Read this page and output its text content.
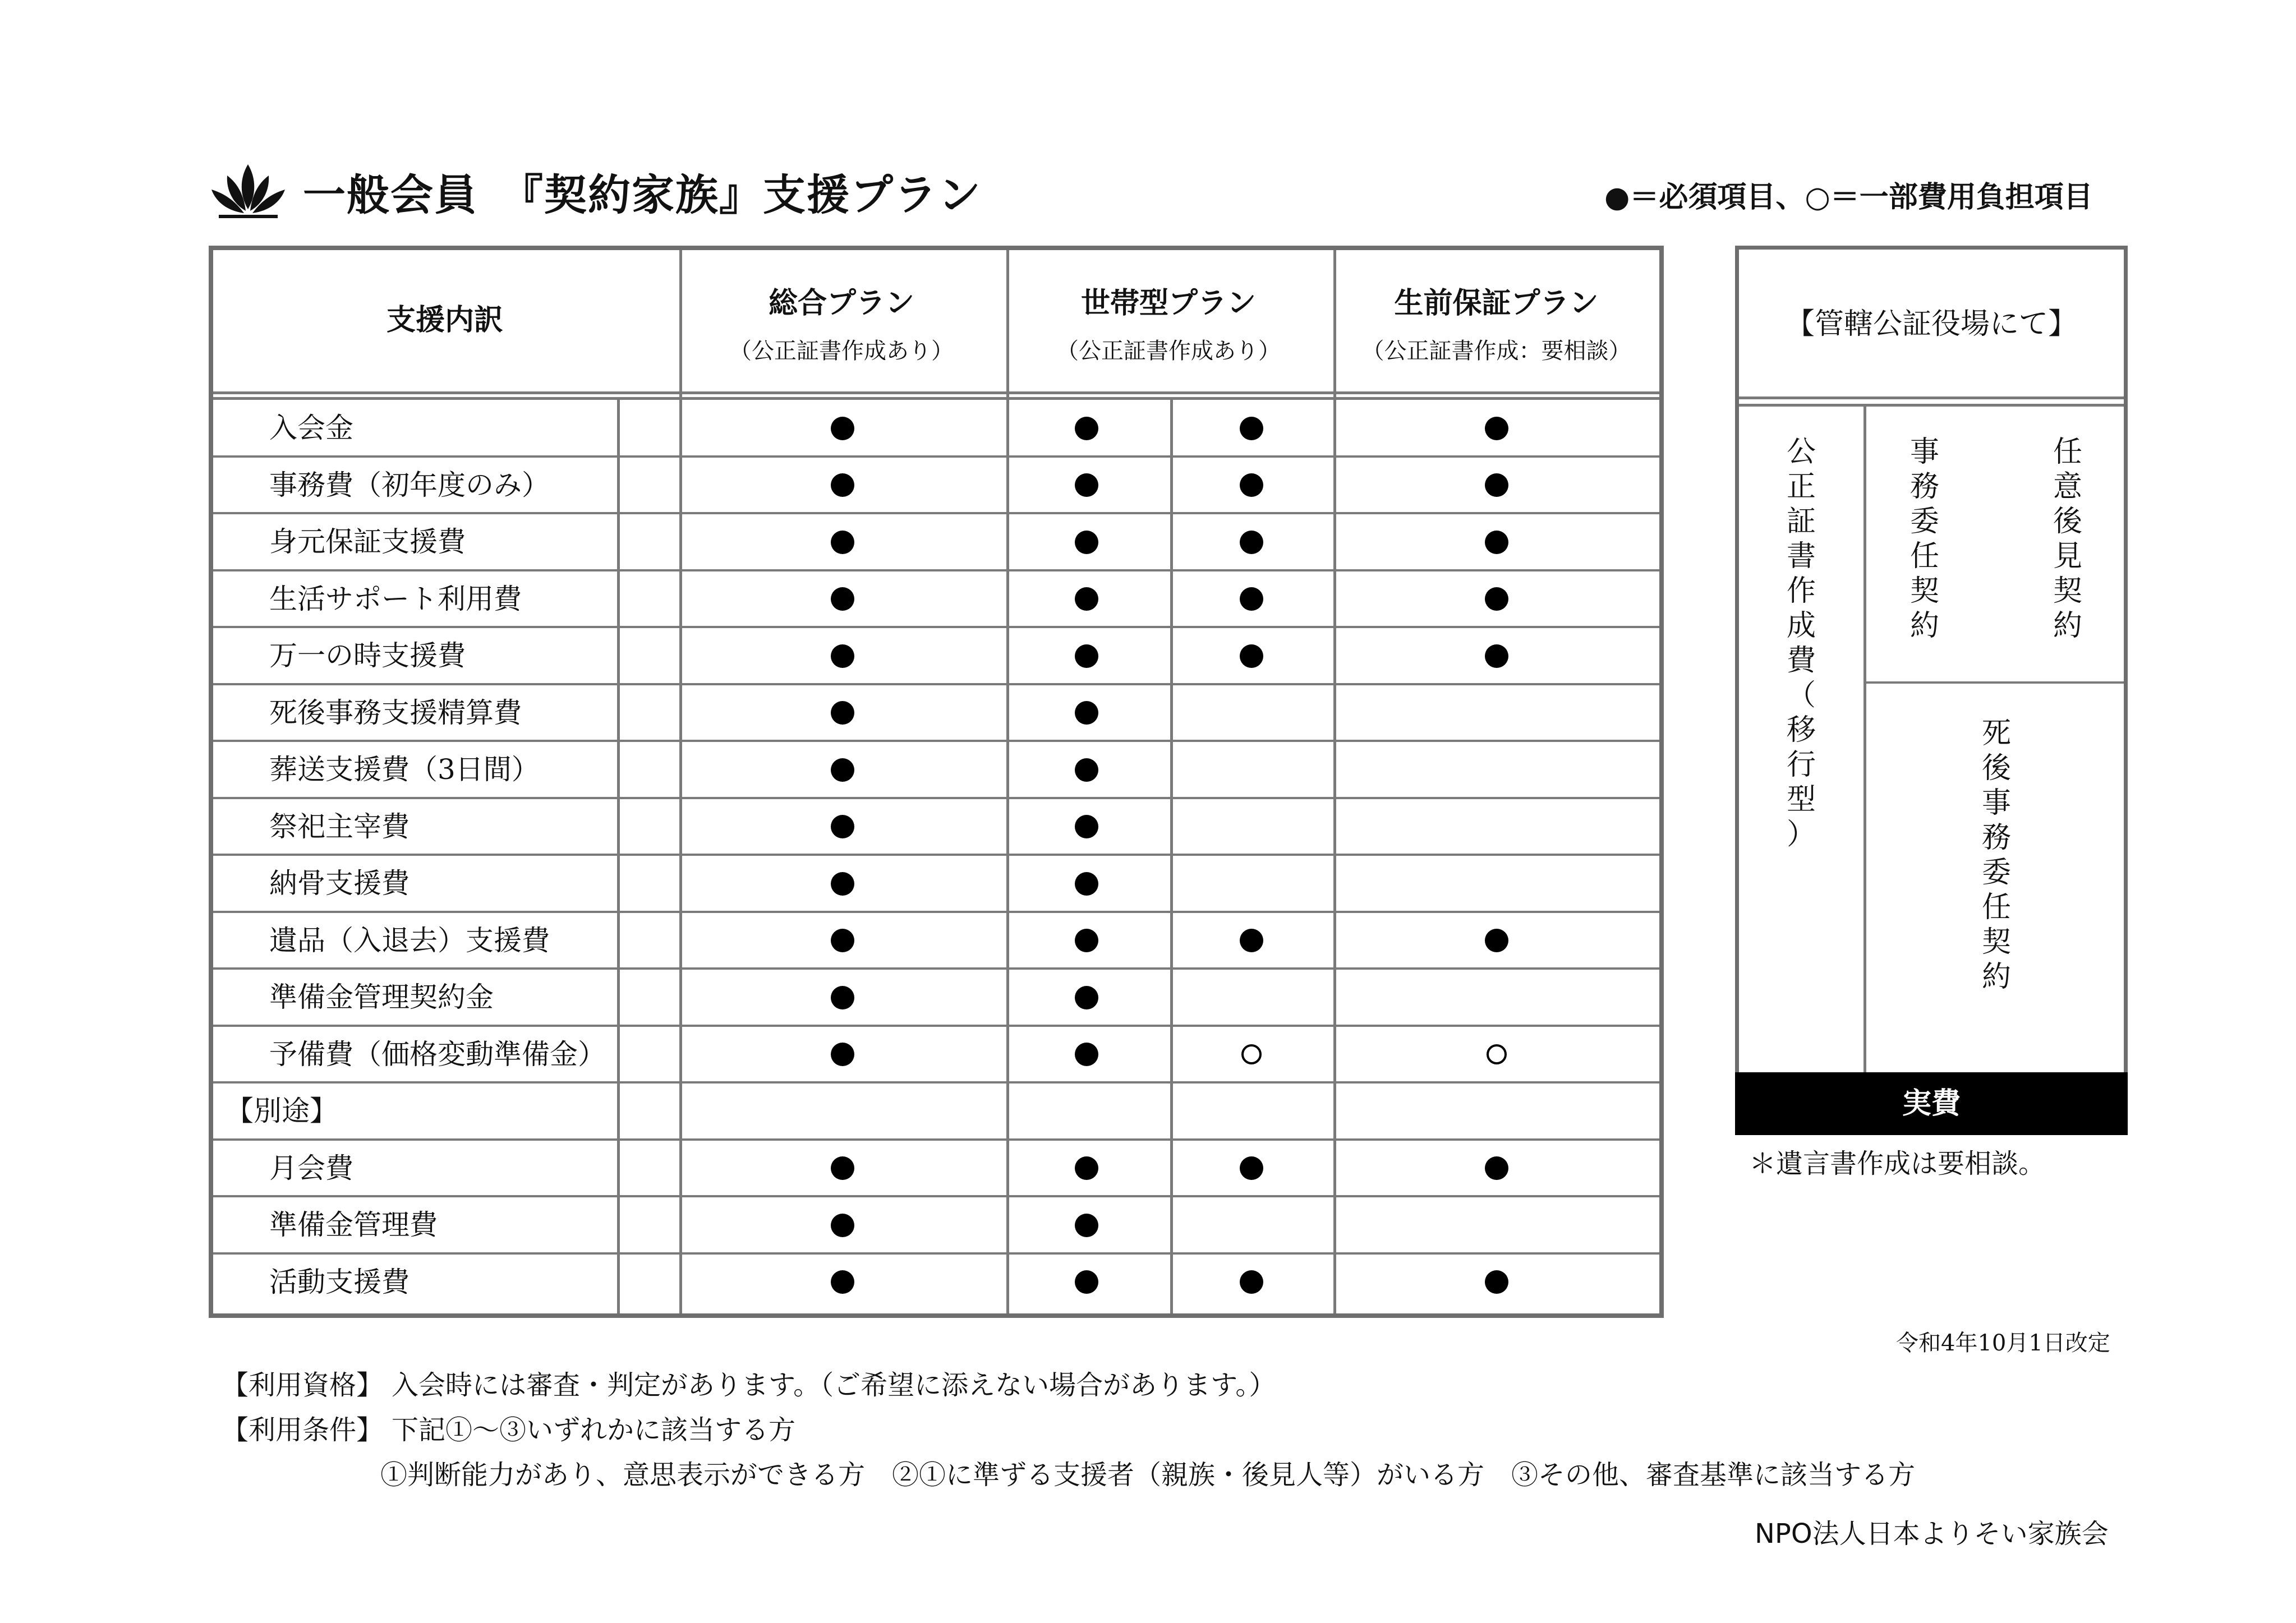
一般会員　『契約家族』支援プラン	●＝必須項目、○＝一部費用負担項目
支援内訳	総合プラン
（公正証書作成あり）
世帯型プラン
（公正証書作成あり）
生前保証プラン
（公正証書作成：要相談）
入会金
事務費（初年度のみ）
身元保証支援費
生活サポート利用費
万一の時支援費
死後事務支援精算費
葬送支援費（3日間）
祭祀主宰費
納骨支援費
遺品（入退去）支援費
準備金管理契約金
予備費（価格変動準備金）
【別途】
月会費
準備金管理費
活動支援費
【管轄公証役場にて】
公
正
証
書
作
成
費
（
移
行
型
）
事
務
委
任
契
約
任
意
後
見
契
約
死
後
事
務
委
任
契
約
実費
＊遺言書作成は要相談。
令和4年10月1日改定
【利用資格】 入会時には審査・判定があります。（ご希望に添えない場合があります。）
【利用条件】 下記①～③いずれかに該当する方
①判断能力があり、意思表示ができる方　②①に準ずる支援者（親族・後見人等）がいる方　③その他、審査基準に該当する方
NPO法人日本よりそい家族会
